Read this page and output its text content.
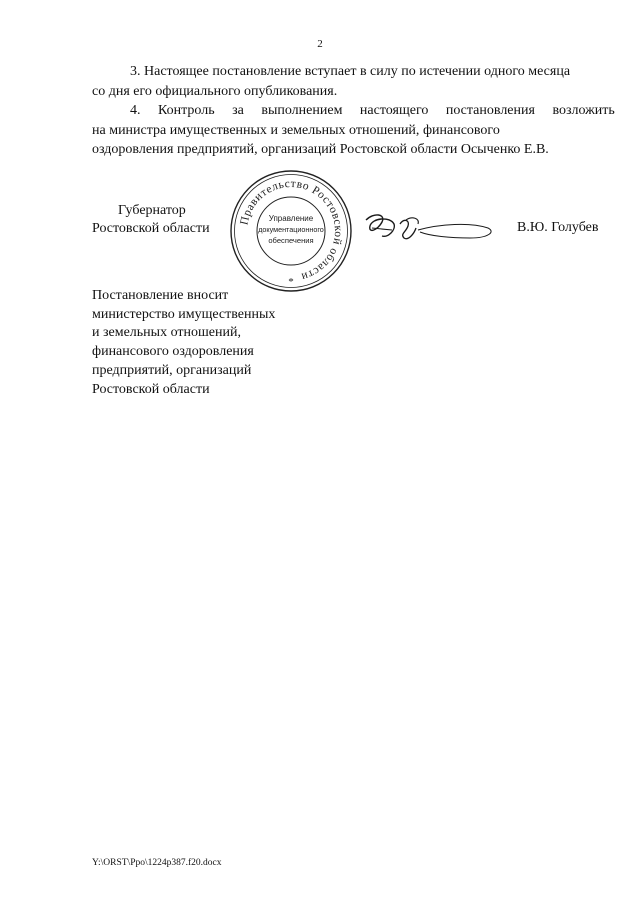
2

3. Настоящее постановление вступает в силу по истечении одного месяца
со дня его официального опубликования.

4. Контроль за выполнением настоящего постановления возложить
на министра имущественных и земельных отношений, финансового
оздоровления предприятий, организаций Ростовской области Осыченко Е.В.

Губернатор
Ростовской области
Правительство Ростовской области
Управление
документационного
обеспечения
*
В.Ю. Голубев
Постановление вносит
министерство имущественных
и земельных отношений,
финансового оздоровления
предприятий, организаций
Ростовской области
Y:\ORST\Ppo\1224p387.f20.docx
